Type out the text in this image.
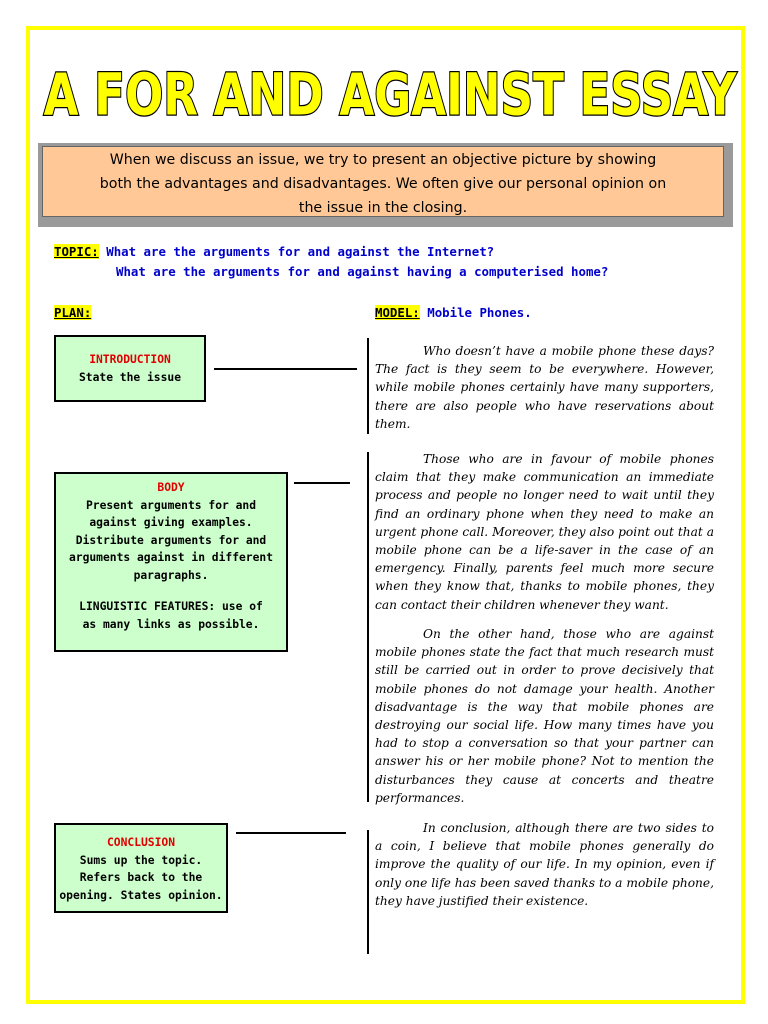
A FOR AND AGAINST ESSAY
When we discuss an issue, we try to present an objective picture by showing
both the advantages and disadvantages. We often give our personal opinion on
the issue in the closing.
TOPIC: What are the arguments for and against the Internet?
What are the arguments for and against having a computerised home?
PLAN:	MODEL: Mobile Phones.
INTRODUCTION
State the issue
BODY
Present arguments for and
against giving examples.
Distribute arguments for and
arguments against in different
paragraphs.
LINGUISTIC FEATURES: use of
as many links as possible.
CONCLUSION
Sums up the topic.
Refers back to the
opening. States opinion.
Who doesn’t have a mobile phone these days? The fact is they seem to be everywhere. However, while mobile phones certainly have many supporters, there are also people who have reservations about them.
Those who are in favour of mobile phones claim that they make communication an immediate process and people no longer need to wait until they find an ordinary phone when they need to make an urgent phone call. Moreover, they also point out that a mobile phone can be a life-saver in the case of an emergency. Finally, parents feel much more secure when they know that, thanks to mobile phones, they can contact their children whenever they want.
On the other hand, those who are against mobile phones state the fact that much research must still be carried out in order to prove decisively that mobile phones do not damage your health. Another disadvantage is the way that mobile phones are destroying our social life. How many times have you had to stop a conversation so that your partner can answer his or her mobile phone? Not to mention the disturbances they cause at concerts and theatre performances.
In conclusion, although there are two sides to a coin, I believe that mobile phones generally do improve the quality of our life. In my opinion, even if only one life has been saved thanks to a mobile phone, they have justified their existence.
